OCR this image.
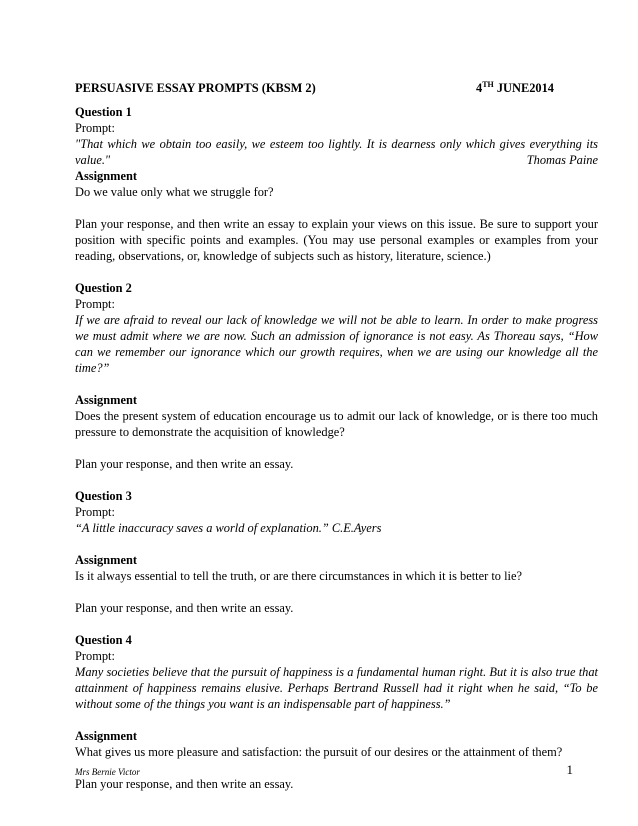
PERSUASIVE ESSAY PROMPTS (KBSM 2)	4TH JUNE2014

Question 1

Prompt:

"That which we obtain too easily, we esteem too lightly. It is dearness only which gives everything its value."	Thomas Paine

Assignment

Do we value only what we struggle for?

Plan your response, and then write an essay to explain your views on this issue. Be sure to support your position with specific points and examples. (You may use personal examples or examples from your reading, observations, or, knowledge of subjects such as history, literature, science.)

Question 2

Prompt:

If we are afraid to reveal our lack of knowledge we will not be able to learn. In order to make progress we must admit where we are now. Such an admission of ignorance is not easy. As Thoreau says, “How can we remember our ignorance which our growth requires, when we are using our knowledge all the time?”

Assignment

Does the present system of education encourage us to admit our lack of knowledge, or is there too much pressure to demonstrate the acquisition of knowledge?

Plan your response, and then write an essay.

Question 3

Prompt:

“A little inaccuracy saves a world of explanation.” C.E.Ayers

Assignment

Is it always essential to tell the truth, or are there circumstances in which it is better to lie?

Plan your response, and then write an essay.

Question 4

Prompt:

Many societies believe that the pursuit of happiness is a fundamental human right. But it is also true that attainment of happiness remains elusive. Perhaps Bertrand Russell had it right when he said, “To be without some of the things you want is an indispensable part of happiness.”

Assignment

What gives us more pleasure and satisfaction: the pursuit of our desires or the attainment of them?

Plan your response, and then write an essay.

Mrs Bernie Victor	1
